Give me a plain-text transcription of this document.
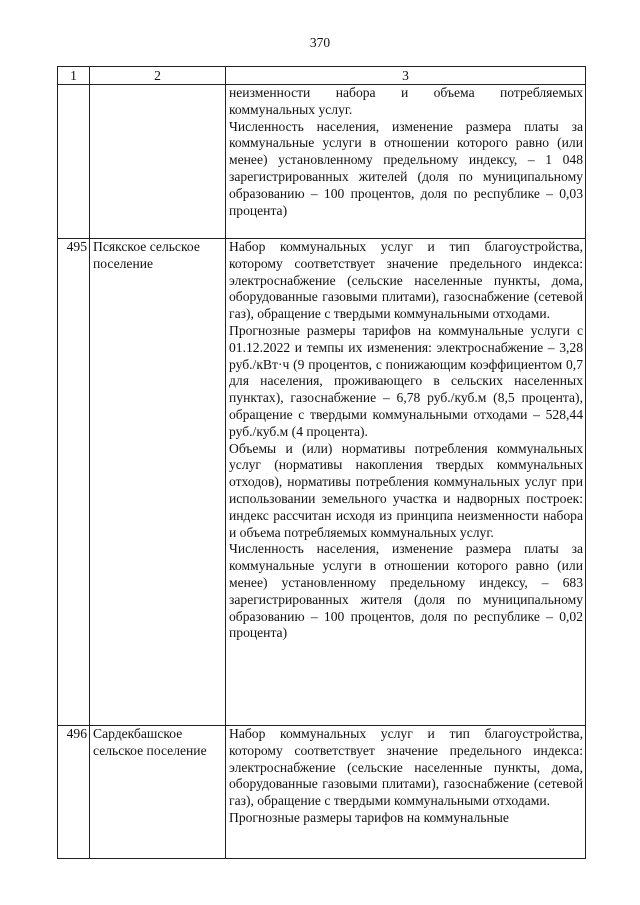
370
1	2	3

		неизменности набора и объема потребляемых коммунальных услуг.

Численность населения, изменение размера платы за коммунальные услуги в отношении которого равно (или менее) установленному предельному индексу, – 1 048 зарегистрированных жителей (доля по муниципальному образованию – 100 процентов, доля по республике – 0,03 процента)

495	Псякское сельское поселение	Набор коммунальных услуг и тип благоустройства, которому соответствует значение предельного индекса: электроснабжение (сельские населенные пункты, дома, оборудованные газовыми плитами), газоснабжение (сетевой газ), обращение с твердыми коммунальными отходами.

Прогнозные размеры тарифов на коммунальные услуги с 01.12.2022 и темпы их изменения: электроснабжение – 3,28 руб./кВт·ч (9 процентов, с понижающим коэффициентом 0,7 для населения, проживающего в сельских населенных пунктах), газоснабжение – 6,78 руб./куб.м (8,5 процента), обращение с твердыми коммунальными отходами – 528,44 руб./куб.м (4 процента).

Объемы и (или) нормативы потребления коммунальных услуг (нормативы накопления твердых коммунальных отходов), нормативы потребления коммунальных услуг при использовании земельного участка и надворных построек: индекс рассчитан исходя из принципа неизменности набора и объема потребляемых коммунальных услуг.

Численность населения, изменение размера платы за коммунальные услуги в отношении которого равно (или менее) установленному предельному индексу, – 683 зарегистрированных жителя (доля по муниципальному образованию – 100 процентов, доля по республике – 0,02 процента)

496	Сардекбашское сельское поселение	Набор коммунальных услуг и тип благоустройства, которому соответствует значение предельного индекса: электроснабжение (сельские населенные пункты, дома, оборудованные газовыми плитами), газоснабжение (сетевой газ), обращение с твердыми коммунальными отходами.

Прогнозные размеры тарифов на коммунальные
